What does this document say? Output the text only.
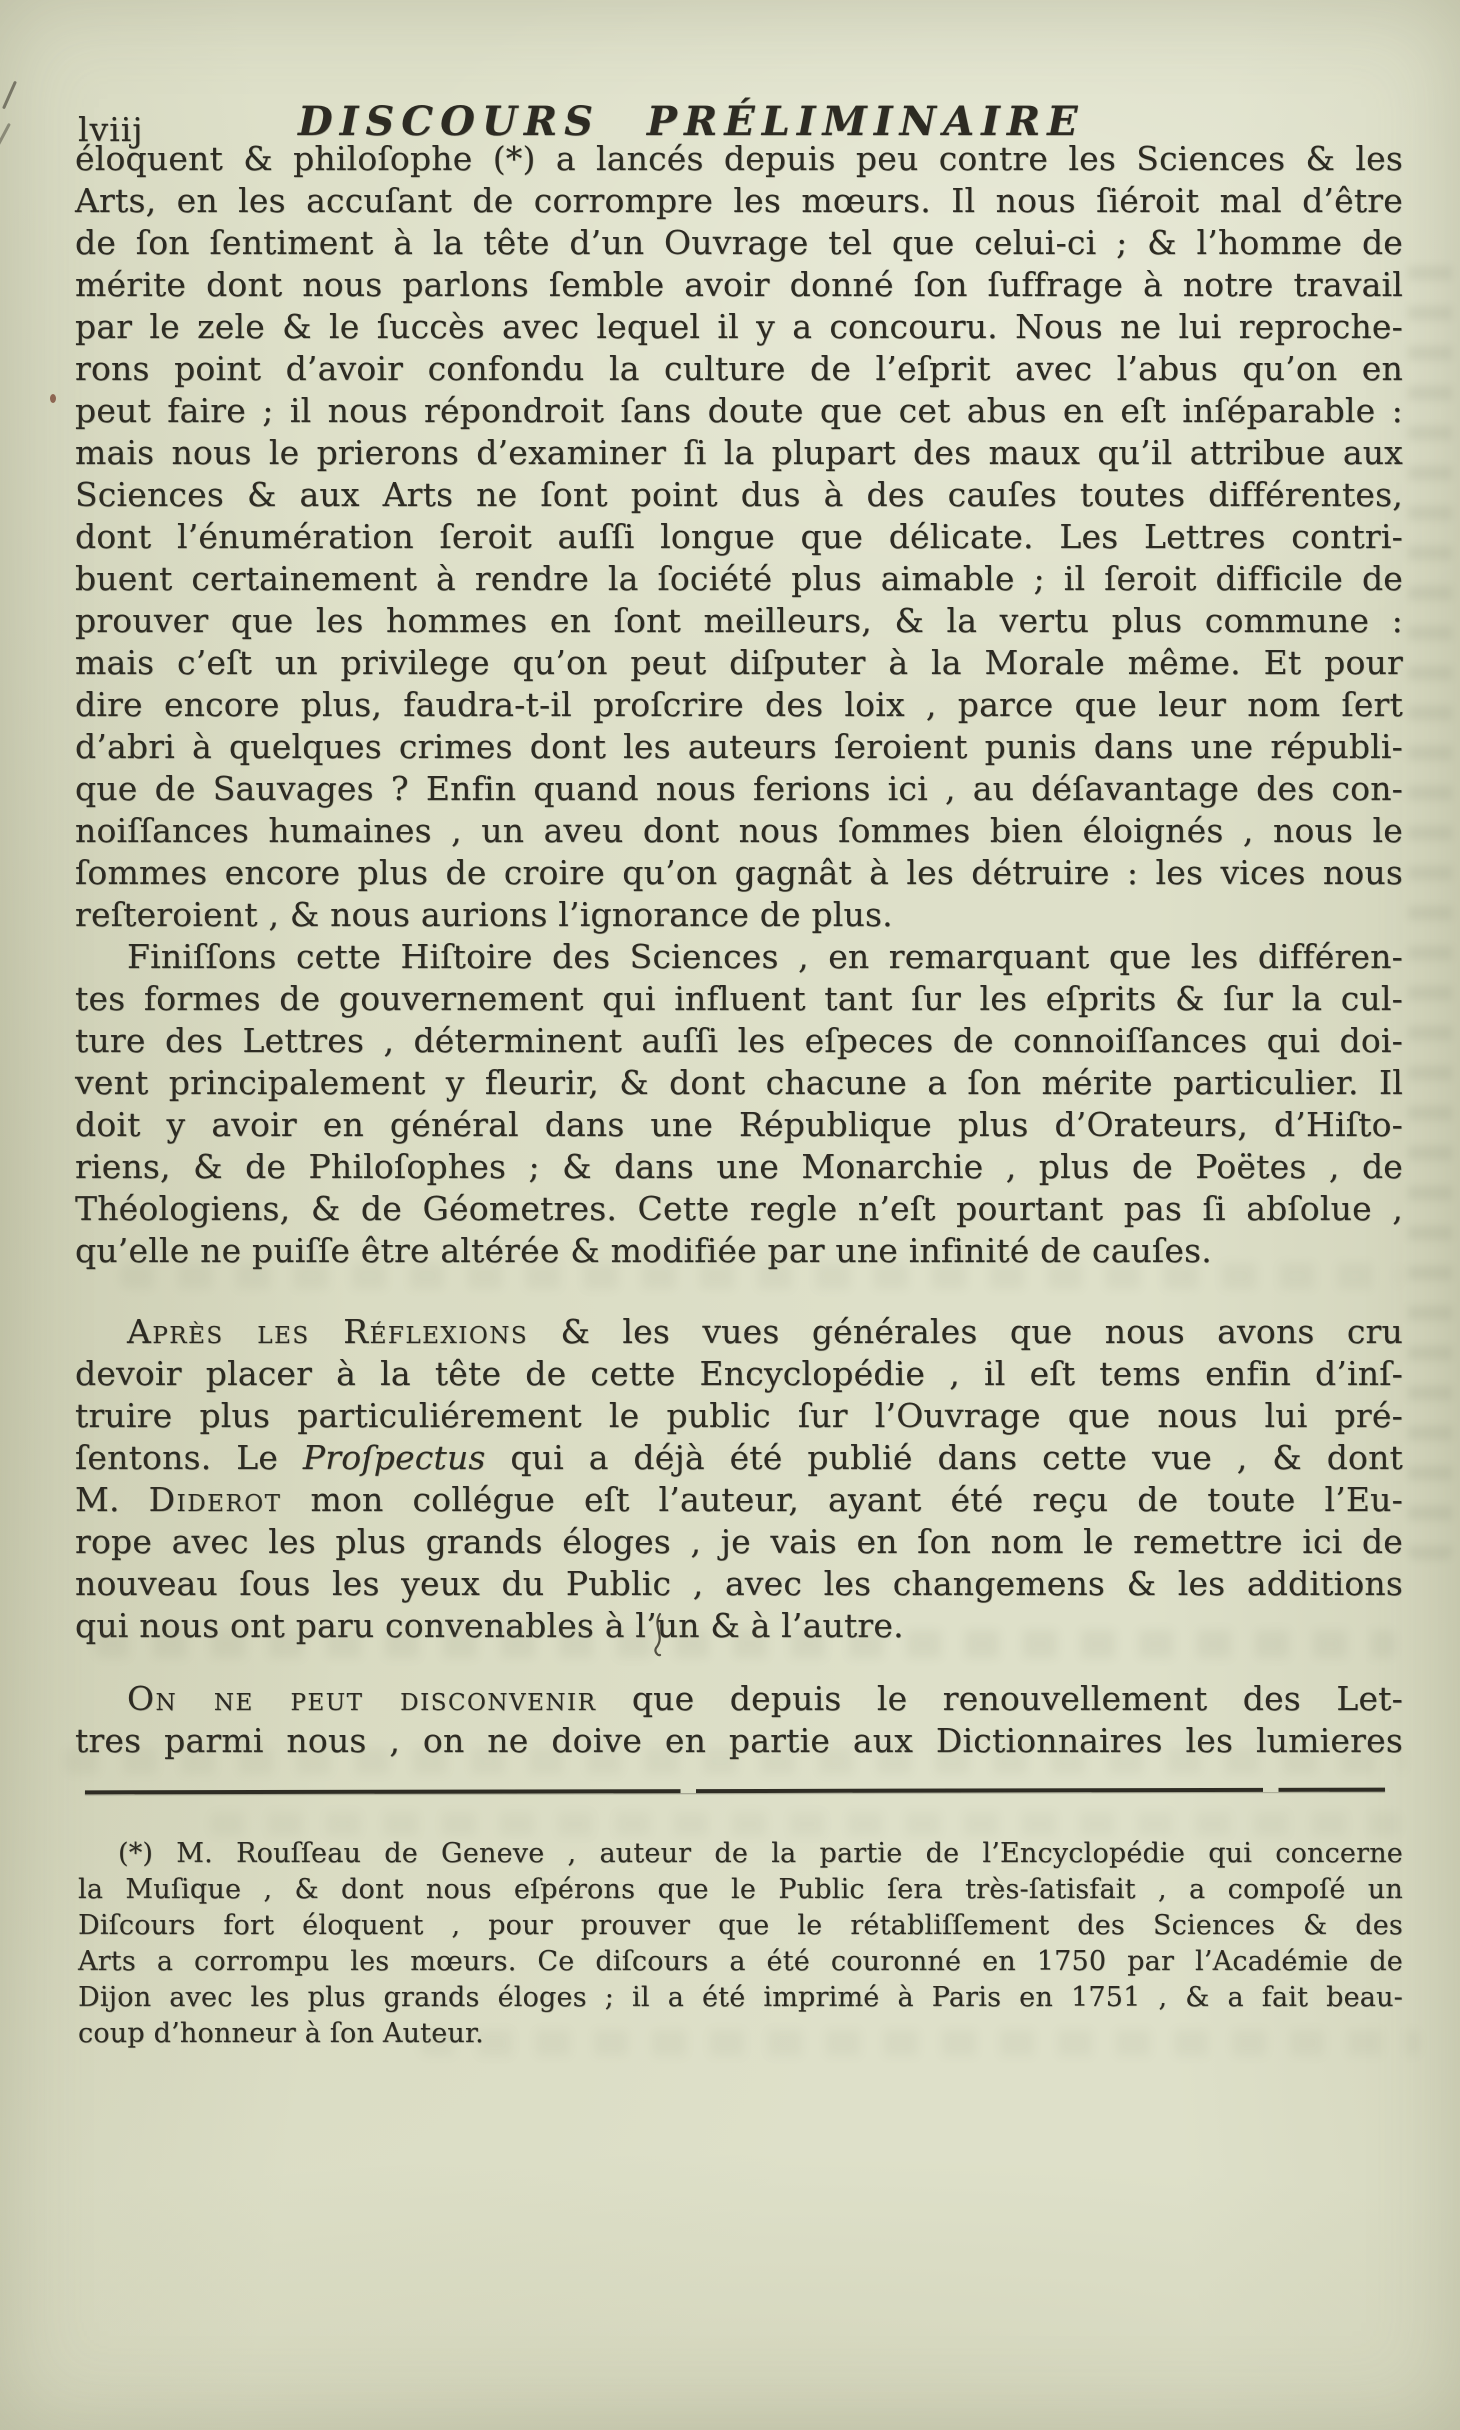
lviij	DISCOURS PRÉLIMINAIRE
éloquent & philoſophe (*) a lancés depuis peu contre les Sciences & les
Arts, en les accuſant de corrompre les mœurs. Il nous ſiéroit mal d’être
de ſon ſentiment à la tête d’un Ouvrage tel que celui-ci ; & l’homme de
mérite dont nous parlons ſemble avoir donné ſon ſuffrage à notre travail
par le zele & le ſuccès avec lequel il y a concouru. Nous ne lui reproche-
rons point d’avoir confondu la culture de l’eſprit avec l’abus qu’on en
peut faire ; il nous répondroit ſans doute que cet abus en eſt inſéparable :
mais nous le prierons d’examiner ſi la plupart des maux qu’il attribue aux
Sciences & aux Arts ne ſont point dus à des cauſes toutes différentes,
dont l’énumération ſeroit auſſi longue que délicate. Les Lettres contri-
buent certainement à rendre la ſociété plus aimable ; il ſeroit difficile de
prouver que les hommes en ſont meilleurs, & la vertu plus commune :
mais c’eſt un privilege qu’on peut diſputer à la Morale même. Et pour
dire encore plus, faudra-t-il proſcrire des loix , parce que leur nom ſert
d’abri à quelques crimes dont les auteurs ſeroient punis dans une républi-
que de Sauvages ? Enfin quand nous ferions ici , au déſavantage des con-
noiſſances humaines , un aveu dont nous ſommes bien éloignés , nous le
ſommes encore plus de croire qu’on gagnât à les détruire : les vices nous
reſteroient , & nous aurions l’ignorance de plus.
Finiſſons cette Hiſtoire des Sciences , en remarquant que les différen-
tes formes de gouvernement qui influent tant ſur les eſprits & ſur la cul-
ture des Lettres , déterminent auſſi les eſpeces de connoiſſances qui doi-
vent principalement y fleurir, & dont chacune a ſon mérite particulier. Il
doit y avoir en général dans une République plus d’Orateurs, d’Hiſto-
riens, & de Philoſophes ; & dans une Monarchie , plus de Poëtes , de
Théologiens, & de Géometres. Cette regle n’eſt pourtant pas ſi abſolue ,
qu’elle ne puiſſe être altérée & modifiée par une infinité de cauſes.
Après les Réflexions & les vues générales que nous avons cru
devoir placer à la tête de cette Encyclopédie , il eſt tems enfin d’inſ-
truire plus particuliérement le public ſur l’Ouvrage que nous lui pré-
ſentons. Le Proſpectus qui a déjà été publié dans cette vue , & dont
M. Diderot mon collégue eſt l’auteur, ayant été reçu de toute l’Eu-
rope avec les plus grands éloges , je vais en ſon nom le remettre ici de
nouveau ſous les yeux du Public , avec les changemens & les additions
qui nous ont paru convenables à l’un & à l’autre.
On ne peut disconvenir que depuis le renouvellement des Let-
tres parmi nous , on ne doive en partie aux Dictionnaires les lumieres
(*) M. Rouſſeau de Geneve , auteur de la partie de l’Encyclopédie qui concerne
la Muſique , & dont nous eſpérons que le Public ſera très-ſatisfait , a compoſé un
Diſcours fort éloquent , pour prouver que le rétabliſſement des Sciences & des
Arts a corrompu les mœurs. Ce diſcours a été couronné en 1750 par l’Académie de
Dijon avec les plus grands éloges ; il a été imprimé à Paris en 1751 , & a fait beau-
coup d’honneur à ſon Auteur.
